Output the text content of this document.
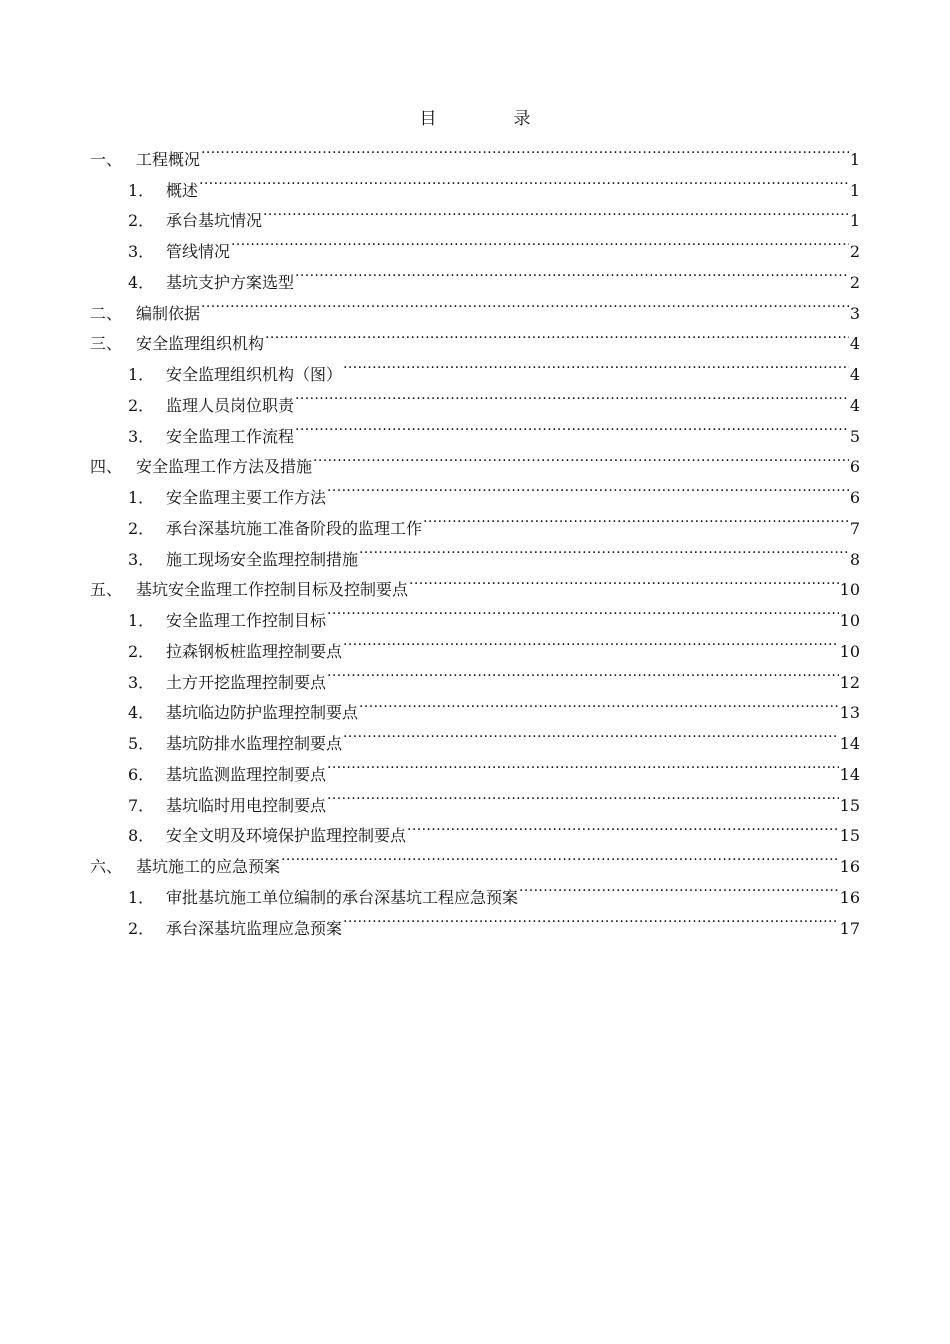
目　录
一、 工程概况 .....	1
1． 概述 .....	1
2． 承台基坑情况 .....	1
3． 管线情况 .....	2
4． 基坑支护方案选型 .....	2
二、 编制依据 .....	3
三、 安全监理组织机构 .....	4
1． 安全监理组织机构（图） .....	4
2． 监理人员岗位职责 .....	4
3． 安全监理工作流程 .....	5
四、 安全监理工作方法及措施 .....	6
1． 安全监理主要工作方法 .....	6
2． 承台深基坑施工准备阶段的监理工作 .....	7
3． 施工现场安全监理控制措施 .....	8
五、 基坑安全监理工作控制目标及控制要点 .....	10
1． 安全监理工作控制目标 .....	10
2． 拉森钢板桩监理控制要点 .....	10
3． 土方开挖监理控制要点 .....	12
4． 基坑临边防护监理控制要点 .....	13
5． 基坑防排水监理控制要点 .....	14
6． 基坑监测监理控制要点 .....	14
7． 基坑临时用电控制要点 .....	15
8． 安全文明及环境保护监理控制要点 .....	15
六、 基坑施工的应急预案 .....	16
1． 审批基坑施工单位编制的承台深基坑工程应急预案 .....	16
2． 承台深基坑监理应急预案 .....	17
